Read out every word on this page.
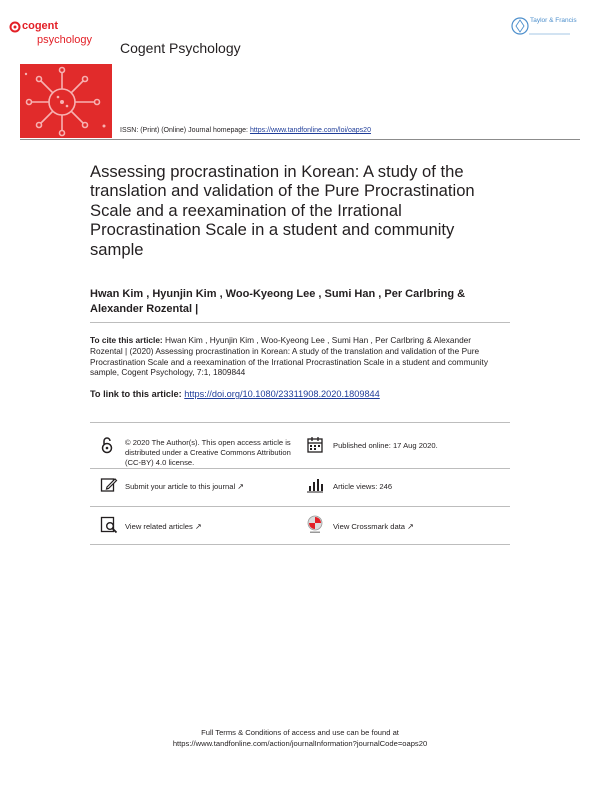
cogent
psychology Cogent Psychology
Taylor & Francis
ISSN: (Print) (Online) Journal homepage: https://www.tandfonline.com/loi/oaps20
Assessing procrastination in Korean: A study of the translation and validation of the Pure Procrastination Scale and a reexamination of the Irrational Procrastination Scale in a student and community sample
Hwan Kim , Hyunjin Kim , Woo-Kyeong Lee , Sumi Han , Per Carlbring & Alexander Rozental |
To cite this article: Hwan Kim , Hyunjin Kim , Woo-Kyeong Lee , Sumi Han , Per Carlbring & Alexander Rozental | (2020) Assessing procrastination in Korean: A study of the translation and validation of the Pure Procrastination Scale and a reexamination of the Irrational Procrastination Scale in a student and community sample, Cogent Psychology, 7:1, 1809844
To link to this article: https://doi.org/10.1080/23311908.2020.1809844
© 2020 The Author(s). This open access article is distributed under a Creative Commons Attribution (CC-BY) 4.0 license.
Published online: 17 Aug 2020.
Submit your article to this journal ↗	Article views: 246
View related articles ↗	View Crossmark data ↗
Full Terms & Conditions of access and use can be found at
https://www.tandfonline.com/action/journalInformation?journalCode=oaps20
